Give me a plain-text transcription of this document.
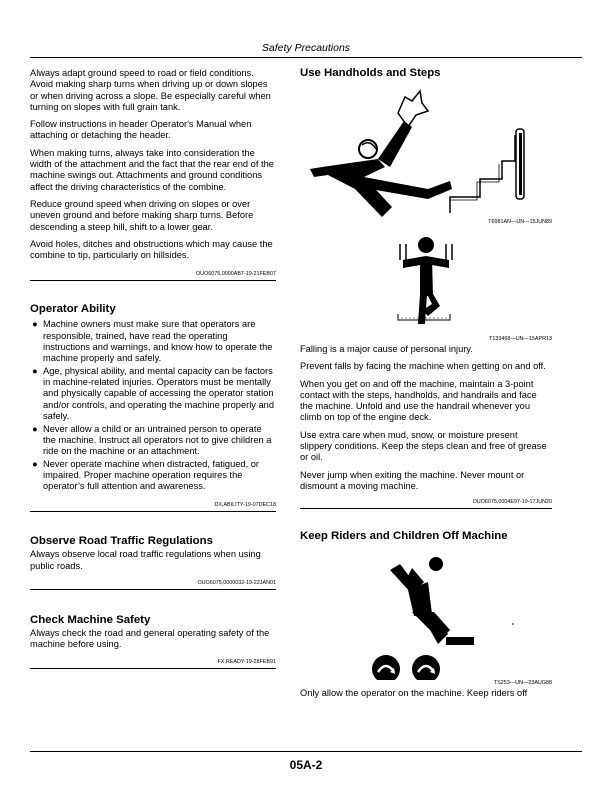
Safety Precautions

Always adapt ground speed to road or field conditions. Avoid making sharp turns when driving up or down slopes or when driving across a slope. Be especially careful when turning on slopes with full grain tank.

Follow instructions in header Operator's Manual when attaching or detaching the header.

When making turns, always take into consideration the width of the attachment and the fact that the rear end of the machine swings out. Attachments and ground conditions affect the driving characteristics of the combine.

Reduce ground speed when driving on slopes or over uneven ground and before making sharp turns. Before descending a steep hill, shift to a lower gear.

Avoid holes, ditches and obstructions which may cause the combine to tip, particularly on hillsides.

OUO6075,0000AB7-19-21FEB07
Operator Ability
● Machine owners must make sure that operators are responsible, trained, have read the operating instructions and warnings, and know how to operate the machine properly and safely.
● Age, physical ability, and mental capacity can be factors in machine-related injuries. Operators must be mentally and physically capable of accessing the operator station and/or controls, and operating the machine properly and safely.
● Never allow a child or an untrained person to operate the machine. Instruct all operators not to give children a ride on the machine or an attachment.
● Never operate machine when distracted, fatigued, or impaired. Proper machine operation requires the operator’s full attention and awareness.
DX,ABILITY-19-07DEC18
Observe Road Traffic Regulations

Always observe local road traffic regulations when using public roads.

OUO6075,0000032-19-22JAN01
Check Machine Safety

Always check the road and general operating safety of the machine before using.

FX,READY-19-28FEB91
Use Handholds and Steps
T6981AN—UN—15JUN89
T133468—UN—15APR13

Falling is a major cause of personal injury.

Prevent falls by facing the machine when getting on and off.

When you get on and off the machine, maintain a 3-point contact with the steps, handholds, and handrails and face the machine. Unfold and use the handrail whenever you climb on top of the engine deck.

Use extra care when mud, snow, or moisture present slippery conditions. Keep the steps clean and free of grease or oil.

Never jump when exiting the machine. Never mount or dismount a moving machine.

OUO6075,0004E97-19-17JUN20
Keep Riders and Children Off Machine
TS253—UN—23AUG88

Only allow the operator on the machine. Keep riders off

05A-2
